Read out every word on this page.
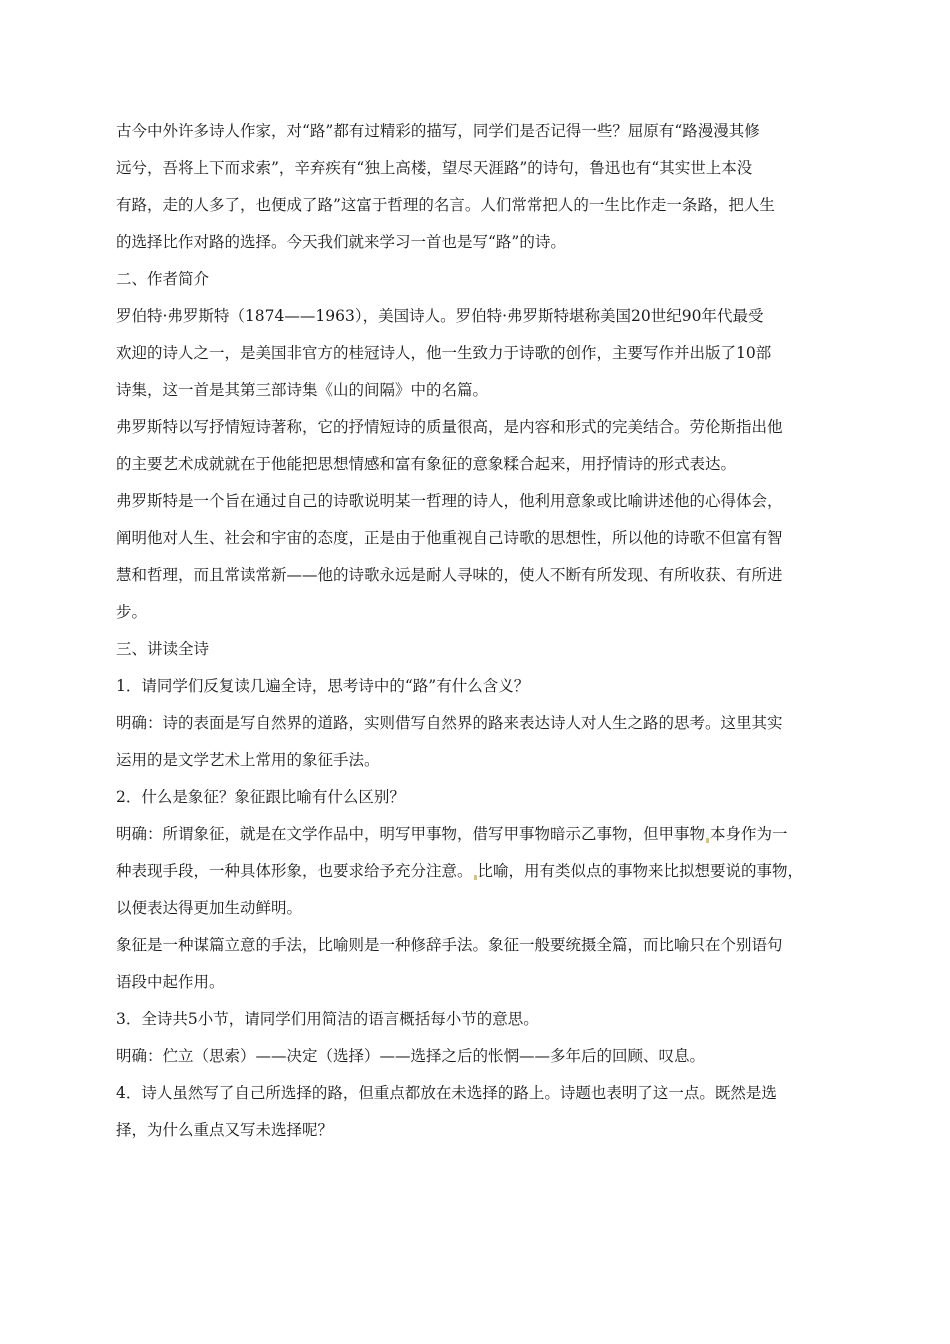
古今中外许多诗人作家，对“路”都有过精彩的描写，同学们是否记得一些？屈原有“路漫漫其修
远兮，吾将上下而求索”，辛弃疾有“独上高楼，望尽天涯路”的诗句，鲁迅也有“其实世上本没
有路，走的人多了，也便成了路”这富于哲理的名言。人们常常把人的一生比作走一条路，把人生
的选择比作对路的选择。今天我们就来学习一首也是写“路”的诗。
二、作者简介
罗伯特·弗罗斯特（1874——1963），美国诗人。罗伯特·弗罗斯特堪称美国20世纪90年代最受
欢迎的诗人之一，是美国非官方的桂冠诗人，他一生致力于诗歌的创作，主要写作并出版了10部
诗集，这一首是其第三部诗集《山的间隔》中的名篇。
弗罗斯特以写抒情短诗著称，它的抒情短诗的质量很高，是内容和形式的完美结合。劳伦斯指出他
的主要艺术成就就在于他能把思想情感和富有象征的意象糅合起来，用抒情诗的形式表达。
弗罗斯特是一个旨在通过自己的诗歌说明某一哲理的诗人，他利用意象或比喻讲述他的心得体会，
阐明他对人生、社会和宇宙的态度，正是由于他重视自己诗歌的思想性，所以他的诗歌不但富有智
慧和哲理，而且常读常新——他的诗歌永远是耐人寻味的，使人不断有所发现、有所收获、有所进
步。
三、讲读全诗
1．请同学们反复读几遍全诗，思考诗中的“路”有什么含义？
明确：诗的表面是写自然界的道路，实则借写自然界的路来表达诗人对人生之路的思考。这里其实
运用的是文学艺术上常用的象征手法。
2．什么是象征？象征跟比喻有什么区别？
明确：所谓象征，就是在文学作品中，明写甲事物，借写甲事物暗示乙事物，但甲事物 本身作为一
种表现手段，一种具体形象，也要求给予充分注意。 比喻，用有类似点的事物来比拟想要说的事物，
以便表达得更加生动鲜明。
象征是一种谋篇立意的手法，比喻则是一种修辞手法。象征一般要统摄全篇，而比喻只在个别语句
语段中起作用。
3．全诗共5小节，请同学们用简洁的语言概括每小节的意思。
明确：伫立（思索）——决定（选择）——选择之后的怅惘——多年后的回顾、叹息。
4．诗人虽然写了自己所选择的路，但重点都放在未选择的路上。诗题也表明了这一点。既然是选
择，为什么重点又写未选择呢？
